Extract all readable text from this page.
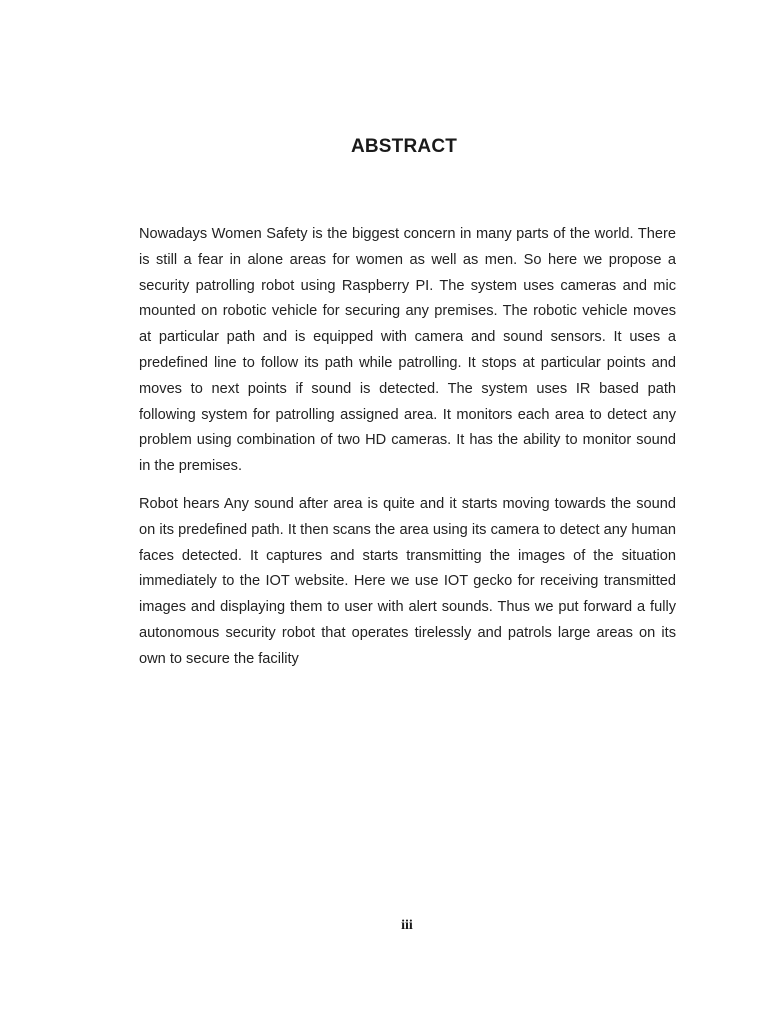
ABSTRACT

Nowadays Women Safety is the biggest concern in many parts of the world. There is still a fear in alone areas for women as well as men. So here we propose a security patrolling robot using Raspberry PI. The system uses cameras and mic mounted on robotic vehicle for securing any premises. The robotic vehicle moves at particular path and is equipped with camera and sound sensors. It uses a predefined line to follow its path while patrolling. It stops at particular points and moves to next points if sound is detected. The system uses IR based path following system for patrolling assigned area. It monitors each area to detect any problem using combination of two HD cameras. It has the ability to monitor sound in the premises.

Robot hears Any sound after area is quite and it starts moving towards the sound on its predefined path. It then scans the area using its camera to detect any human faces detected. It captures and starts transmitting the images of the situation immediately to the IOT website. Here we use IOT gecko for receiving transmitted images and displaying them to user with alert sounds. Thus we put forward a fully autonomous security robot that operates tirelessly and patrols large areas on its own to secure the facility

iii
